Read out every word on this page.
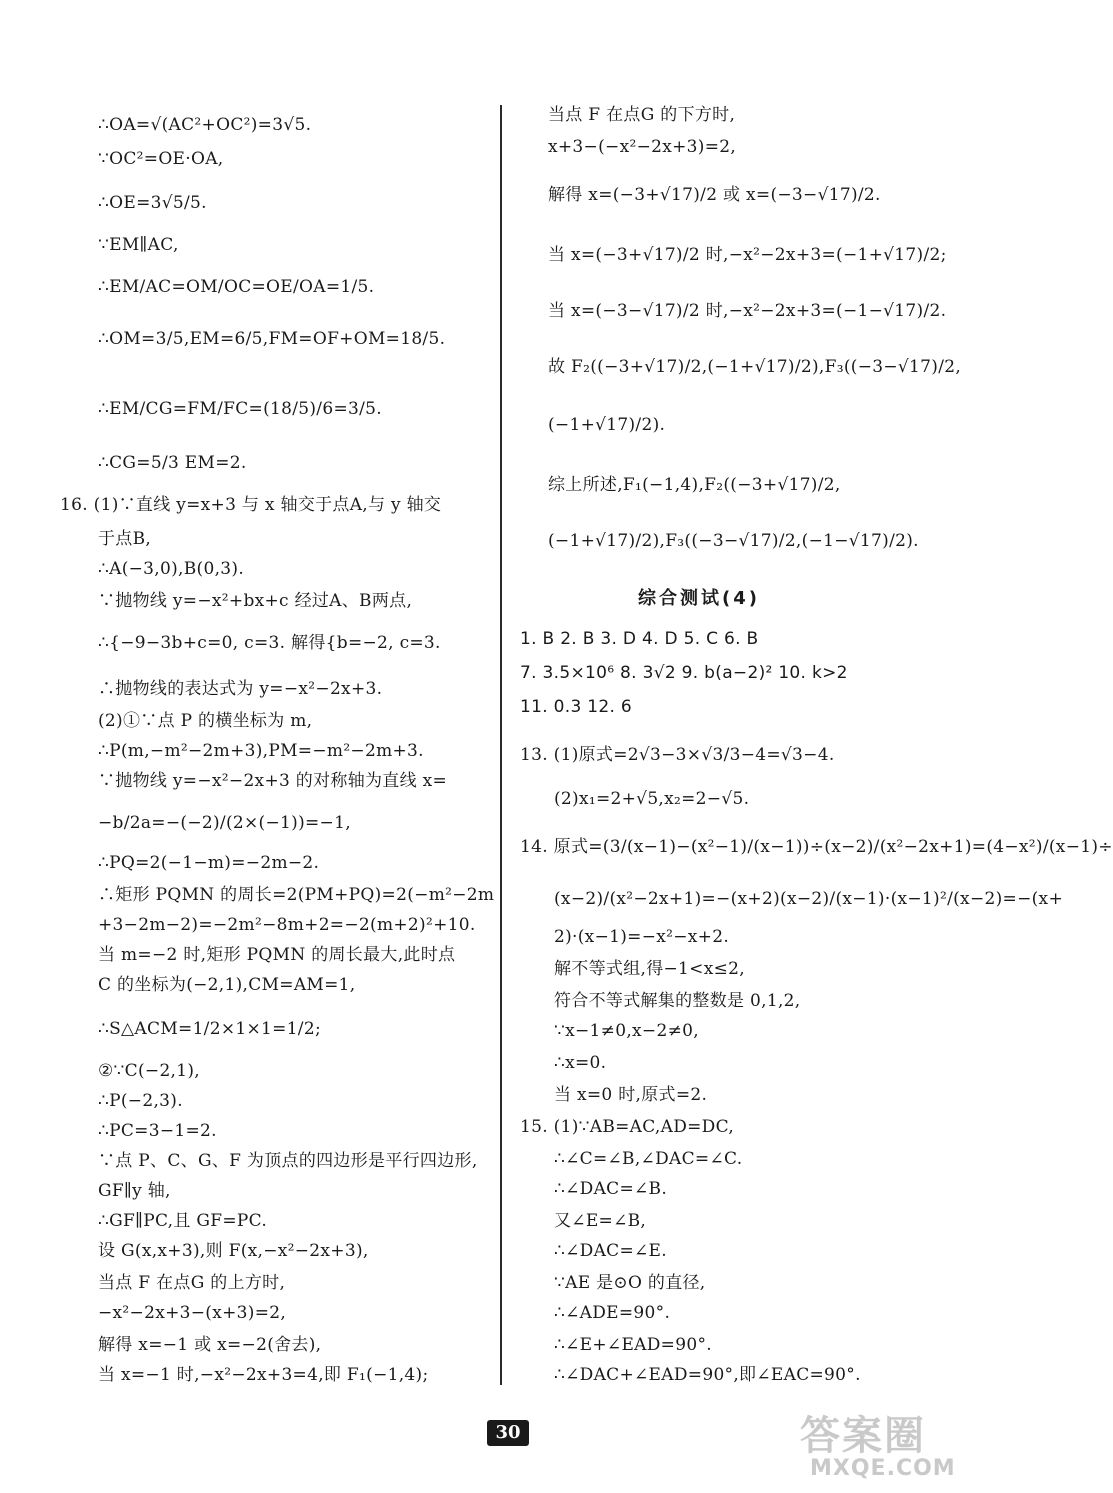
∴OA=√(AC²+OC²)=3√5.
∵OC²=OE·OA,
∴OE=3√5/5.
∵EM∥AC,
∴EM/AC=OM/OC=OE/OA=1/5.
∴OM=3/5,EM=6/5,FM=OF+OM=18/5.
∴EM/CG=FM/FC=(18/5)/6=3/5.
∴CG=5/3 EM=2.
16. (1)∵直线 y=x+3 与 x 轴交于点A,与 y 轴交
于点B,
∴A(−3,0),B(0,3).
∵抛物线 y=−x²+bx+c 经过A、B两点,
∴{−9−3b+c=0, c=3. 解得{b=−2, c=3.
∴抛物线的表达式为 y=−x²−2x+3.
(2)①∵点 P 的横坐标为 m,
∴P(m,−m²−2m+3),PM=−m²−2m+3.
∵抛物线 y=−x²−2x+3 的对称轴为直线 x=
−b/2a=−(−2)/(2×(−1))=−1,
∴PQ=2(−1−m)=−2m−2.
∴矩形 PQMN 的周长=2(PM+PQ)=2(−m²−2m
+3−2m−2)=−2m²−8m+2=−2(m+2)²+10.
当 m=−2 时,矩形 PQMN 的周长最大,此时点
C 的坐标为(−2,1),CM=AM=1,
∴S△ACM=1/2×1×1=1/2;
②∵C(−2,1),
∴P(−2,3).
∴PC=3−1=2.
∵点 P、C、G、F 为顶点的四边形是平行四边形,
GF∥y 轴,
∴GF∥PC,且 GF=PC.
设 G(x,x+3),则 F(x,−x²−2x+3),
当点 F 在点G 的上方时,
−x²−2x+3−(x+3)=2,
解得 x=−1 或 x=−2(舍去),
当 x=−1 时,−x²−2x+3=4,即 F₁(−1,4);
当点 F 在点G 的下方时,
x+3−(−x²−2x+3)=2,
解得 x=(−3+√17)/2 或 x=(−3−√17)/2.
当 x=(−3+√17)/2 时,−x²−2x+3=(−1+√17)/2;
当 x=(−3−√17)/2 时,−x²−2x+3=(−1−√17)/2.
故 F₂((−3+√17)/2,(−1+√17)/2),F₃((−3−√17)/2,
(−1+√17)/2).
综上所述,F₁(−1,4),F₂((−3+√17)/2,
(−1+√17)/2),F₃((−3−√17)/2,(−1−√17)/2).
综合测试(4)
1. B 2. B 3. D 4. D 5. C 6. B
7. 3.5×10⁶ 8. 3√2 9. b(a−2)² 10. k>2
11. 0.3 12. 6
13. (1)原式=2√3−3×√3/3−4=√3−4.
(2)x₁=2+√5,x₂=2−√5.
14. 原式=(3/(x−1)−(x²−1)/(x−1))÷(x−2)/(x²−2x+1)=(4−x²)/(x−1)÷
(x−2)/(x²−2x+1)=−(x+2)(x−2)/(x−1)·(x−1)²/(x−2)=−(x+
2)·(x−1)=−x²−x+2.
解不等式组,得−1<x≤2,
符合不等式解集的整数是 0,1,2,
∵x−1≠0,x−2≠0,
∴x=0.
当 x=0 时,原式=2.
15. (1)∵AB=AC,AD=DC,
∴∠C=∠B,∠DAC=∠C.
∴∠DAC=∠B.
又∠E=∠B,
∴∠DAC=∠E.
∵AE 是⊙O 的直径,
∴∠ADE=90°.
∴∠E+∠EAD=90°.
∴∠DAC+∠EAD=90°,即∠EAC=90°.
30	答案圈
MXQE.COM
